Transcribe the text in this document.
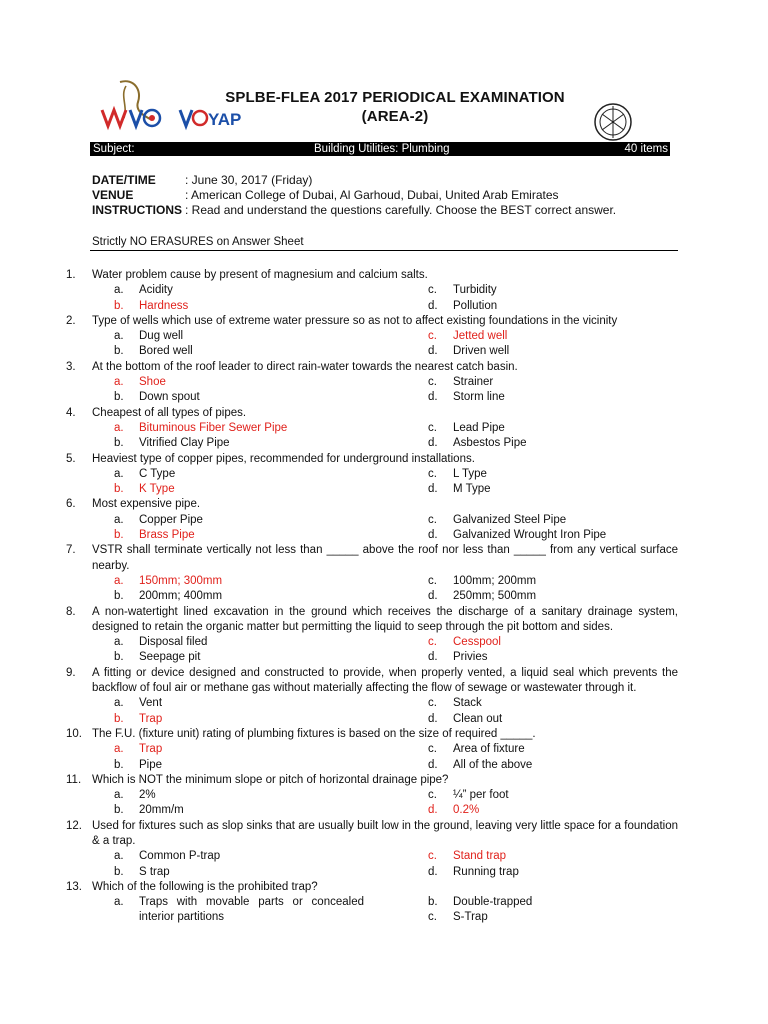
YAP
SPLBE-FLEA 2017 PERIODICAL EXAMINATION
(AREA-2)
Subject:	Building Utilities: Plumbing	40 items
DATE/TIME : June 30, 2017 (Friday)
VENUE	: American College of Dubai, Al Garhoud, Dubai, United Arab Emirates
INSTRUCTIONS : Read and understand the questions carefully. Choose the BEST correct answer.
Strictly NO ERASURES on Answer Sheet
1. Water problem cause by present of magnesium and calcium salts.
a. Acidity	c. Turbidity
b. Hardness	d. Pollution
2. Type of wells which use of extreme water pressure so as not to affect existing foundations in the vicinity
a. Dug well	c. Jetted well
b. Bored well	d. Driven well
3. At the bottom of the roof leader to direct rain-water towards the nearest catch basin.
a. Shoe	c. Strainer
b. Down spout	d. Storm line
4. Cheapest of all types of pipes.
a. Bituminous Fiber Sewer Pipe	c. Lead Pipe
b. Vitrified Clay Pipe	d. Asbestos Pipe
5. Heaviest type of copper pipes, recommended for underground installations.
a. C Type	c. L Type
b. K Type	d. M Type
6. Most expensive pipe.
a. Copper Pipe	c. Galvanized Steel Pipe
b. Brass Pipe	d. Galvanized Wrought Iron Pipe
7. VSTR shall terminate vertically not less than _____ above the roof nor less than _____ from any vertical surface nearby.
a. 150mm; 300mm	c. 100mm; 200mm
b. 200mm; 400mm	d. 250mm; 500mm
8. A non-watertight lined excavation in the ground which receives the discharge of a sanitary drainage system, designed to retain the organic matter but permitting the liquid to seep through the pit bottom and sides.
a. Disposal filed	c. Cesspool
b. Seepage pit	d. Privies
9. A fitting or device designed and constructed to provide, when properly vented, a liquid seal which prevents the backflow of foul air or methane gas without materially affecting the flow of sewage or wastewater through it.
a. Vent	c. Stack
b. Trap	d. Clean out
10. The F.U. (fixture unit) rating of plumbing fixtures is based on the size of required _____.
a. Trap	c. Area of fixture
b. Pipe	d. All of the above
11. Which is NOT the minimum slope or pitch of horizontal drainage pipe?
a. 2%	c. ¼” per foot
b. 20mm/m	d. 0.2%
12. Used for fixtures such as slop sinks that are usually built low in the ground, leaving very little space for a foundation & a trap.
a. Common P-trap	c. Stand trap
b. S trap	d. Running trap
13. Which of the following is the prohibited trap?
a. Traps with movable parts or concealed interior partitions
b. Double-trapped
c. S-Trap
